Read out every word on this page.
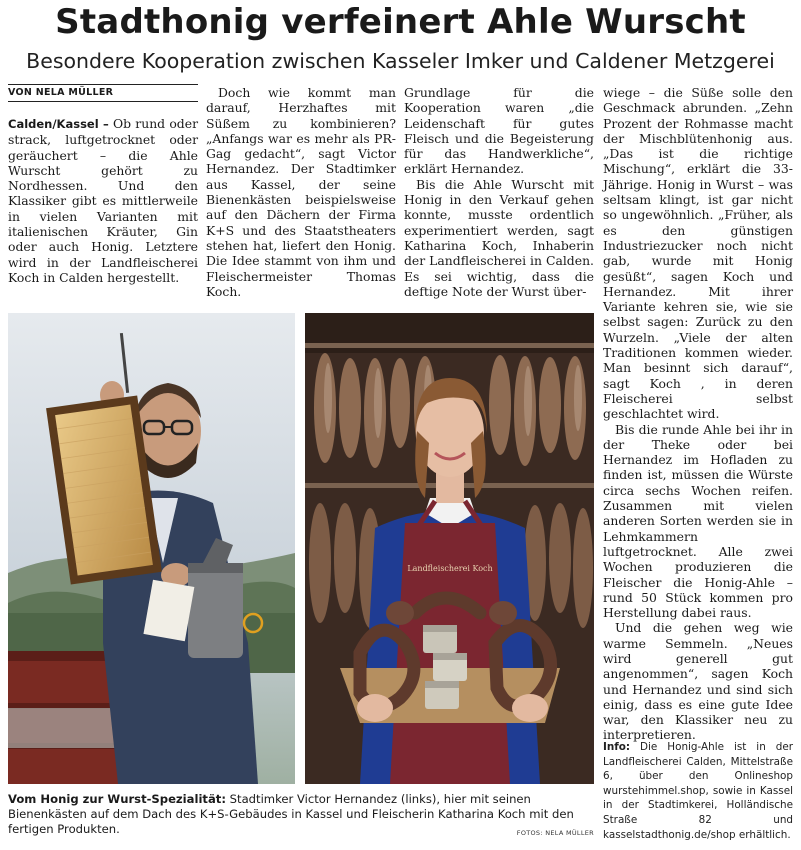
Stadthonig verfeinert Ahle Wurscht
Besondere Kooperation zwischen Kasseler Imker und Caldener Metzgerei
VON NELA MÜLLER

Calden/Kassel – Ob rund oder strack, luftgetrocknet oder geräuchert – die Ahle Wurscht gehört zu Nordhessen. Und den Klassiker gibt es mittlerweile in vielen Varianten mit italienischen Kräuter, Gin oder auch Honig. Letztere wird in der Landfleischerei Koch in Calden hergestellt.

Doch wie kommt man darauf, Herzhaftes mit Süßem zu kombinieren? „Anfangs war es mehr als PR-Gag gedacht“, sagt Victor Hernandez. Der Stadtimker aus Kassel, der seine Bienenkästen beispielsweise auf den Dächern der Firma K+S und des Staatstheaters stehen hat, liefert den Honig. Die Idee stammt von ihm und Fleischermeister Thomas Koch.

Grundlage für die Kooperation waren „die Leidenschaft für gutes Fleisch und die Begeisterung für das Handwerkliche“, erklärt Hernandez.

Bis die Ahle Wurscht mit Honig in den Verkauf gehen konnte, musste ordentlich experimentiert werden, sagt Katharina Koch, Inhaberin der Landfleischerei in Calden. Es sei wichtig, dass die deftige Note der Wurst über-

wiege – die Süße solle den Geschmack abrunden. „Zehn Prozent der Rohmasse macht der Mischblütenhonig aus. „Das ist die richtige Mischung“, erklärt die 33-Jährige. Honig in Wurst – was seltsam klingt, ist gar nicht so ungewöhnlich. „Früher, als es den günstigen Industriezucker noch nicht gab, wurde mit Honig gesüßt“, sagen Koch und Hernandez. Mit ihrer Variante kehren sie, wie sie selbst sagen: Zurück zu den Wurzeln. „Viele der alten Traditionen kommen wieder. Man besinnt sich darauf“, sagt Koch , in deren Fleischerei selbst geschlachtet wird.

Bis die runde Ahle bei ihr in der Theke oder bei Hernandez im Hofladen zu finden ist, müssen die Würste circa sechs Wochen reifen. Zusammen mit vielen anderen Sorten werden sie in Lehmkammern luftgetrocknet. Alle zwei Wochen produzieren die Fleischer die Honig-Ahle – rund 50 Stück kommen pro Herstellung dabei raus.

Und die gehen weg wie warme Semmeln. „Neues wird generell gut angenommen“, sagen Koch und Hernandez und sind sich einig, dass es eine gute Idee war, den Klassiker neu zu interpretieren.

Landfleischerei Koch
Vom Honig zur Wurst-Spezialität: Stadtimker Victor Hernandez (links), hier mit seinen Bienenkästen auf dem Dach des K+S-Gebäudes in Kassel und Fleischerin Katharina Koch mit den fertigen Produkten.	FOTOS: NELA MÜLLER
Info: Die Honig-Ahle ist in der Landfleischerei Calden, Mittelstraße 6, über den Onlineshop wurstehimmel.shop, sowie in Kassel in der Stadtimkerei, Holländische Straße 82 und kasselstadthonig.de/shop erhältlich.
